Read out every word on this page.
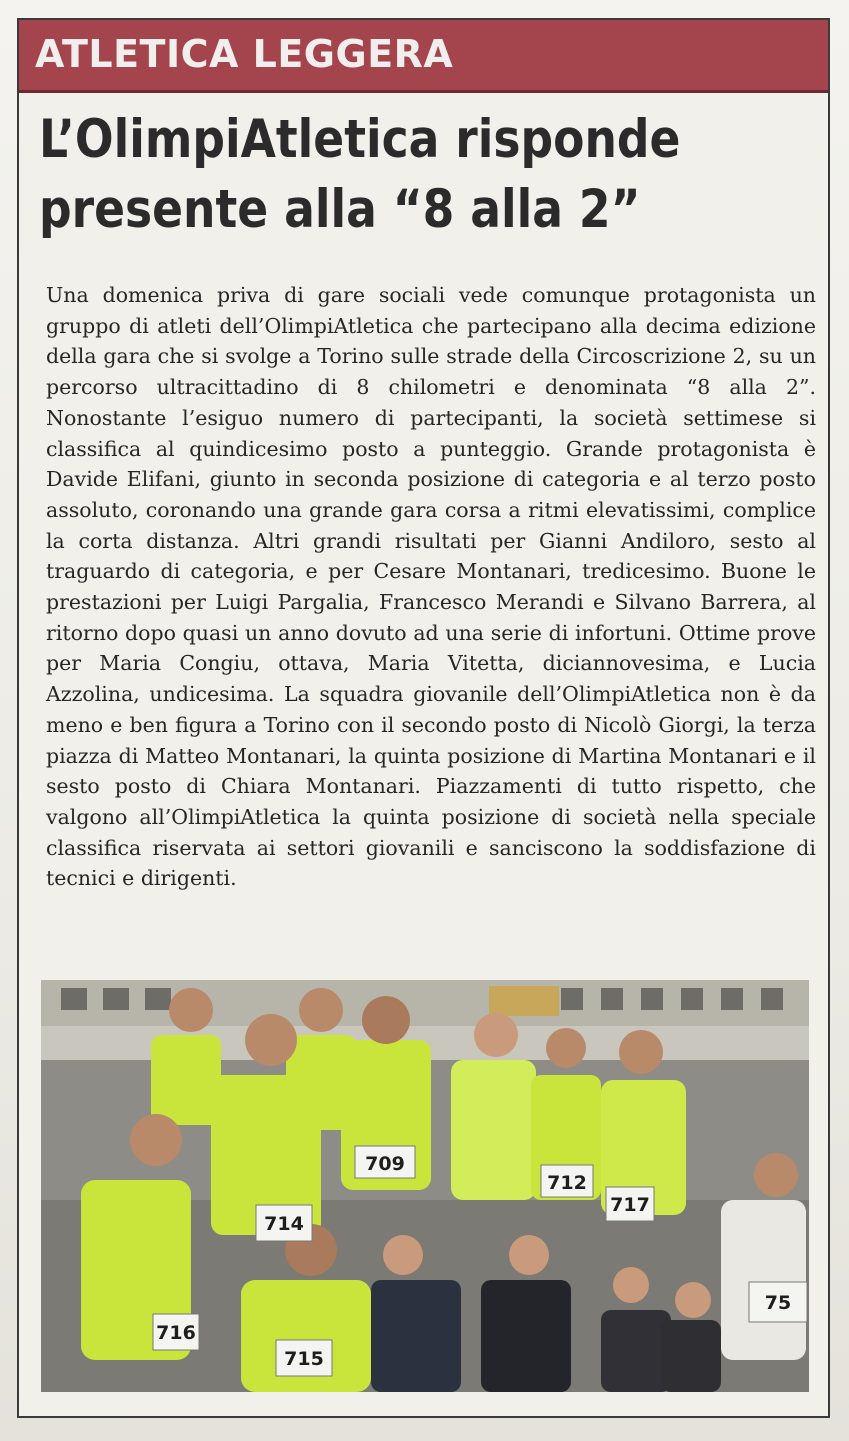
ATLETICA LEGGERA
L’OlimpiAtletica risponde
presente alla “8 alla 2”
Una domenica priva di gare sociali vede comunque protagonista un gruppo di atleti dell’OlimpiAtletica che partecipano alla decima edizione della gara che si svolge a Torino sulle strade della Circoscrizione 2, su un percorso ultracittadino di 8 chilometri e denominata “8 alla 2”. Nonostante l’esiguo numero di partecipanti, la società settimese si classifica al quindicesimo posto a punteggio. Grande protagonista è Davide Elifani, giunto in seconda posizione di categoria e al terzo posto assoluto, coronando una grande gara corsa a ritmi elevatissimi, complice la corta distanza. Altri grandi risultati per Gianni Andiloro, sesto al traguardo di categoria, e per Cesare Montanari, tredicesimo. Buone le prestazioni per Luigi Pargalia, Francesco Merandi e Silvano Barrera, al ritorno dopo quasi un anno dovuto ad una serie di infortuni. Ottime prove per Maria Congiu, ottava, Maria Vitetta, diciannovesima, e Lucia Azzolina, undicesima. La squadra giovanile dell’OlimpiAtletica non è da meno e ben figura a Torino con il secondo posto di Nicolò Giorgi, la terza piazza di Matteo Montanari, la quinta posizione di Martina Montanari e il sesto posto di Chiara Montanari. Piazzamenti di tutto rispetto, che valgono all’OlimpiAtletica la quinta posizione di società nella speciale classifica riservata ai settori giovanili e sanciscono la soddisfazione di tecnici e dirigenti.
709
712
717
714
716
715
75
